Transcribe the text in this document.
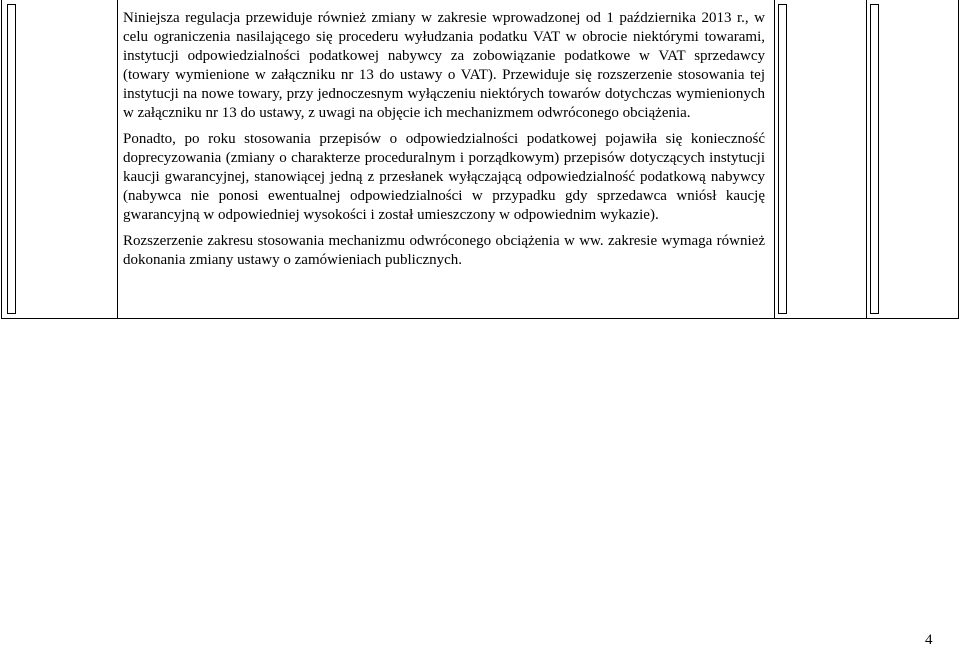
Niniejsza regulacja przewiduje również zmiany w zakresie wprowadzonej od 1 października 2013 r., w celu ograniczenia nasilającego się procederu wyłudzania podatku VAT w obrocie niektórymi towarami, instytucji odpowiedzialności podatkowej nabywcy za zobowiązanie podatkowe w VAT sprzedawcy (towary wymienione w załączniku nr 13 do ustawy o VAT). Przewiduje się rozszerzenie stosowania tej instytucji na nowe towary, przy jednoczesnym wyłączeniu niektórych towarów dotychczas wymienionych w załączniku nr 13 do ustawy, z uwagi na objęcie ich mechanizmem odwróconego obciążenia.

Ponadto, po roku stosowania przepisów o odpowiedzialności podatkowej pojawiła się konieczność doprecyzowania (zmiany o charakterze proceduralnym i porządkowym) przepisów dotyczących instytucji kaucji gwarancyjnej, stanowiącej jedną z przesłanek wyłączającą odpowiedzialność podatkową nabywcy (nabywca nie ponosi ewentualnej odpowiedzialności w przypadku gdy sprzedawca wniósł kaucję gwarancyjną w odpowiedniej wysokości i został umieszczony w odpowiednim wykazie).

Rozszerzenie zakresu stosowania mechanizmu odwróconego obciążenia w ww. zakresie wymaga również dokonania zmiany ustawy o zamówieniach publicznych.

4
